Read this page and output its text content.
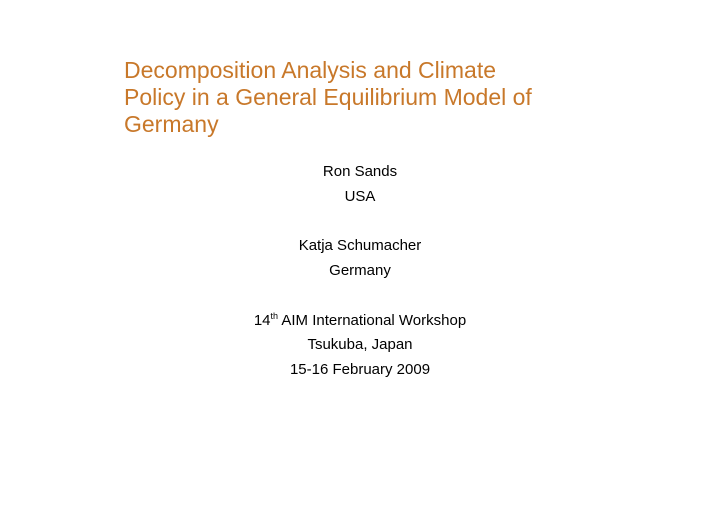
Decomposition Analysis and Climate
Policy in a General Equilibrium Model of
Germany
Ron Sands
USA
Katja Schumacher
Germany
14th AIM International Workshop
Tsukuba, Japan
15-16 February 2009
